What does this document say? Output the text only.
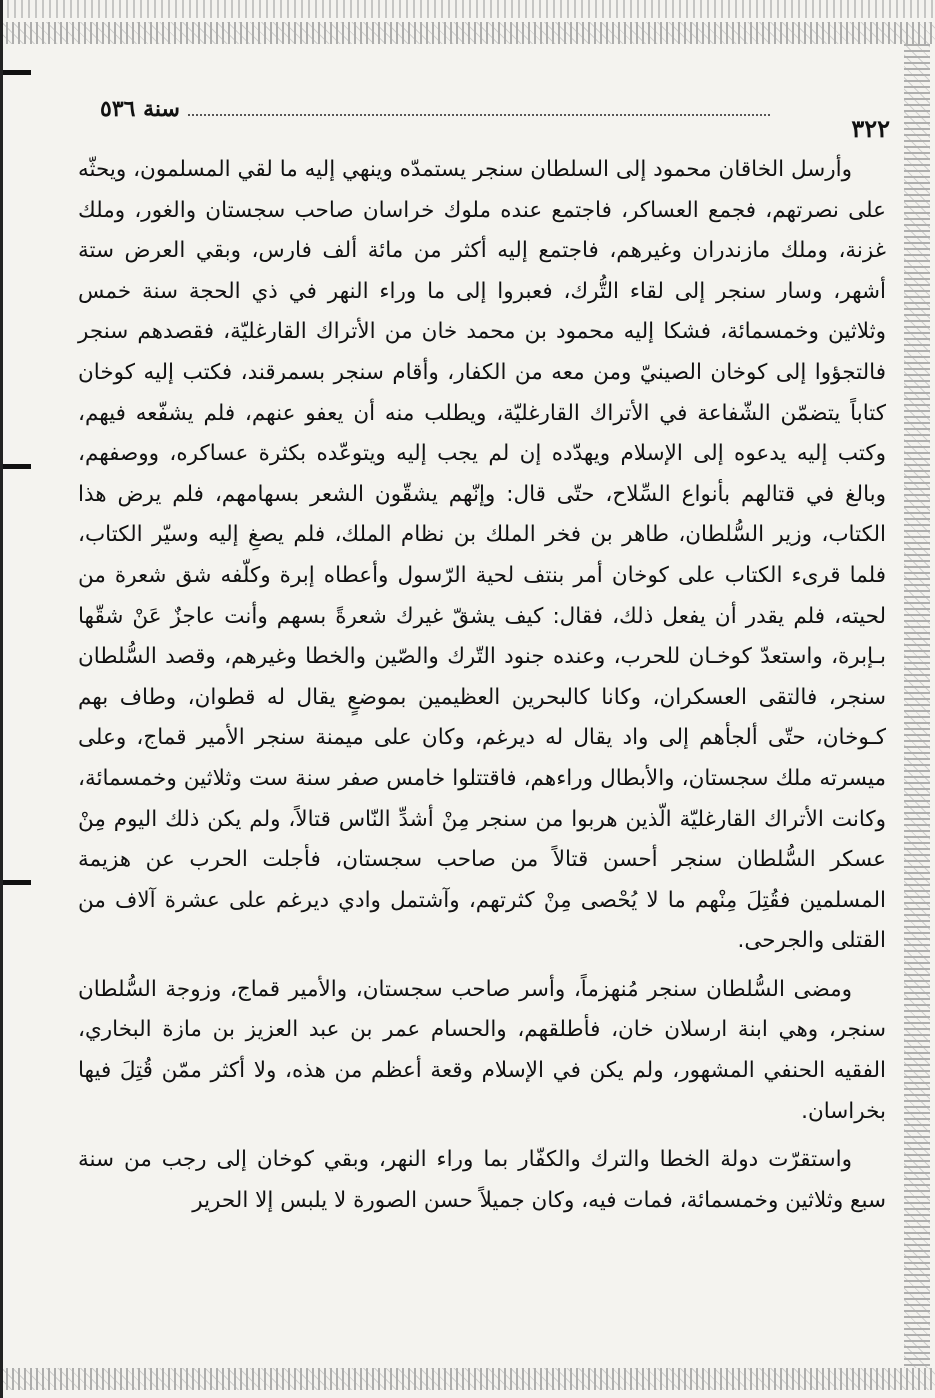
٣٢٢
سنة ٥٣٦

وأرسل الخاقان محمود إلى السلطان سنجر يستمدّه وينهي إليه ما لقي المسلمون، ويحثّه على نصرتهم، فجمع العساكر، فاجتمع عنده ملوك خراسان صاحب سجستان والغور، وملك غزنة، وملك مازندران وغيرهم، فاجتمع إليه أكثر من مائة ألف فارس، وبقي العرض ستة أشهر، وسار سنجر إلى لقاء التُّرك، فعبروا إلى ما وراء النهر في ذي الحجة سنة خمس وثلاثين وخمسمائة، فشكا إليه محمود بن محمد خان من الأتراك القارغليّة، فقصدهم سنجر فالتجؤوا إلى كوخان الصينيّ ومن معه من الكفار، وأقام سنجر بسمرقند، فكتب إليه كوخان كتاباً يتضمّن الشّفاعة في الأتراك القارغليّة، ويطلب منه أن يعفو عنهم، فلم يشفّعه فيهم، وكتب إليه يدعوه إلى الإسلام ويهدّده إن لم يجب إليه ويتوعّده بكثرة عساكره، ووصفهم، وبالغ في قتالهم بأنواع السِّلاح، حتّى قال: وإنّهم يشقّون الشعر بسهامهم، فلم يرض هذا الكتاب، وزير السُّلطان، طاهر بن فخر الملك بن نظام الملك، فلم يصغِ إليه وسيّر الكتاب، فلما قرىء الكتاب على كوخان أمر بنتف لحية الرّسول وأعطاه إبرة وكلّفه شق شعرة من لحيته، فلم يقدر أن يفعل ذلك، فقال: كيف يشقّ غيرك شعرةً بسهم وأنت عاجزٌ عَنْ شقّها بـإبرة، واستعدّ كوخـان للحرب، وعنده جنود التّرك والصّين والخطا وغيرهم، وقصد السُّلطان سنجر، فالتقى العسكران، وكانا كالبحرين العظيمين بموضعٍ يقال له قطوان، وطاف بهم كـوخان، حتّى ألجأهم إلى واد يقال له ديرغم، وكان على ميمنة سنجر الأمير قماج، وعلى ميسرته ملك سجستان، والأبطال وراءهم، فاقتتلوا خامس صفر سنة ست وثلاثين وخمسمائة، وكانت الأتراك القارغليّة الّذين هربوا من سنجر مِنْ أشدِّ النّاس قتالاً، ولم يكن ذلك اليوم مِنْ عسكر السُّلطان سنجر أحسن قتالاً من صاحب سجستان، فأجلت الحرب عن هزيمة المسلمين فقُتِلَ مِنْهم ما لا يُحْصى مِنْ كثرتهم، وآشتمل وادي ديرغم على عشرة آلاف من القتلى والجرحى.

ومضى السُّلطان سنجر مُنهزماً، وأسر صاحب سجستان، والأمير قماج، وزوجة السُّلطان سنجر، وهي ابنة ارسلان خان، فأطلقهم، والحسام عمر بن عبد العزيز بن مازة البخاري، الفقيه الحنفي المشهور، ولم يكن في الإسلام وقعة أعظم من هذه، ولا أكثر ممّن قُتِلَ فيها بخراسان.

واستقرّت دولة الخطا والترك والكفّار بما وراء النهر، وبقي كوخان إلى رجب من سنة سبع وثلاثين وخمسمائة، فمات فيه، وكان جميلاً حسن الصورة لا يلبس إلا الحرير
